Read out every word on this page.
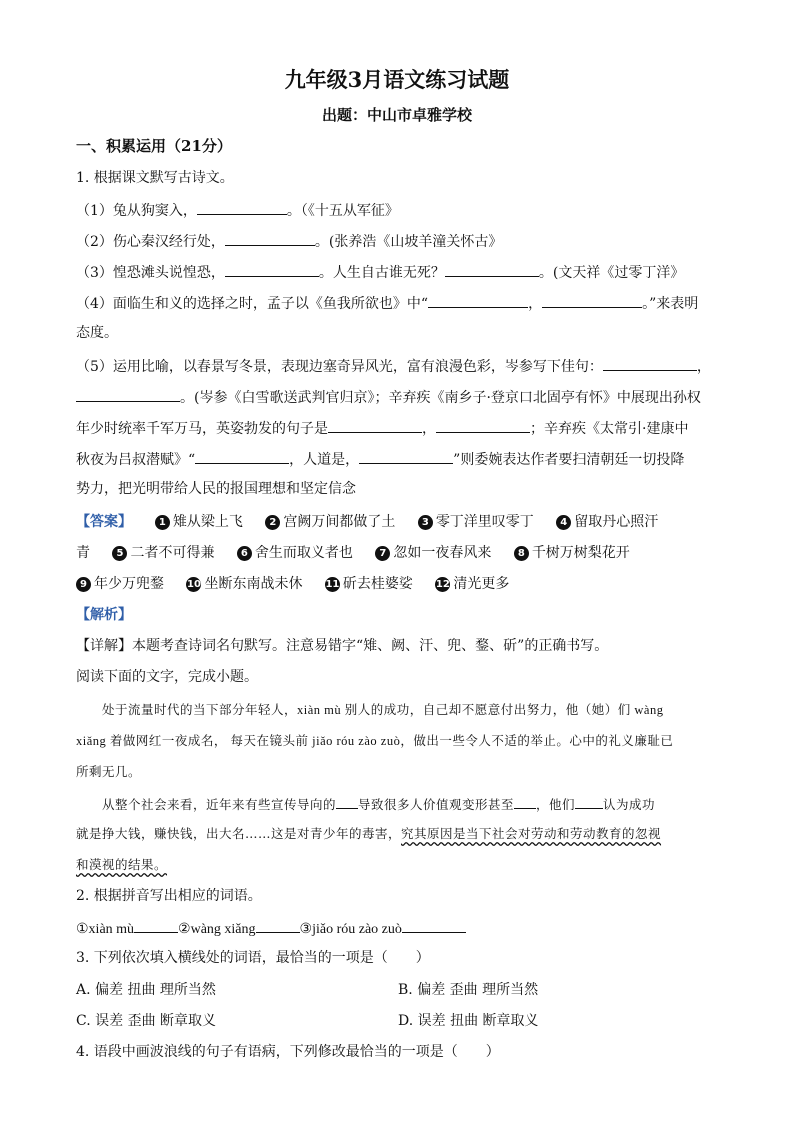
九年级3月语文练习试题
出题：中山市卓雅学校
一、积累运用（21分）
1. 根据课文默写古诗文。
（1）兔从狗窦入，	。（《十五从军征》
（2）伤心秦汉经行处，	。(张养浩《山坡羊潼关怀古》
（3）惶恐滩头说惶恐，	。人生自古谁无死？	。(文天祥《过零丁洋》
（4）面临生和义的选择之时，孟子以《鱼我所欲也》中“	，	。”来表明
态度。
（5）运用比喻，以春景写冬景，表现边塞奇异风光，富有浪漫色彩，岑参写下佳句：	，
。(岑参《白雪歌送武判官归京》；辛弃疾《南乡子·登京口北固亭有怀》中展现出孙权
年少时统率千军万马，英姿勃发的句子是	，	；辛弃疾《太常引·建康中
秋夜为吕叔潜赋》“	，人道是，	”则委婉表达作者要扫清朝廷一切投降
势力，把光明带给人民的报国理想和坚定信念
【答案】	1 雉从梁上飞	2 宫阙万间都做了土	3 零丁洋里叹零丁	4 留取丹心照汗
青	5 二者不可得兼	6 舍生而取义者也	7 忽如一夜春风来	8 千树万树梨花开
9 年少万兜鍪 10 坐断东南战未休 11 斫去桂婆娑 12 清光更多
【解析】
【详解】本题考查诗词名句默写。注意易错字“雉、阙、汗、兜、鍪、斫”的正确书写。
阅读下面的文字，完成小题。
处于流量时代的当下部分年轻人，xiàn mù 别人的成功，自己却不愿意付出努力，他（她）们 wàng
xiǎng 着做网红一夜成名， 每天在镜头前 jiǎo róu zào zuò，做出一些令人不适的举止。心中的礼义廉耻已
所剩无几。
从整个社会来看，近年来有些宣传导向的 导致很多人价值观变形甚至 ，他们 认为成功
就是挣大钱，赚快钱，出大名……这是对青少年的毒害，究其原因是当下社会对劳动和劳动教育的忽视
和漠视的结果。
2. 根据拼音写出相应的词语。
①xiàn mù	②wàng xiǎng	③jiǎo róu zào zuò
3. 下列依次填入横线处的词语，最恰当的一项是（　　）
A. 偏差 扭曲 理所当然	B. 偏差 歪曲 理所当然
C. 误差 歪曲 断章取义	D. 误差 扭曲 断章取义
4. 语段中画波浪线的句子有语病，下列修改最恰当的一项是（　　）
